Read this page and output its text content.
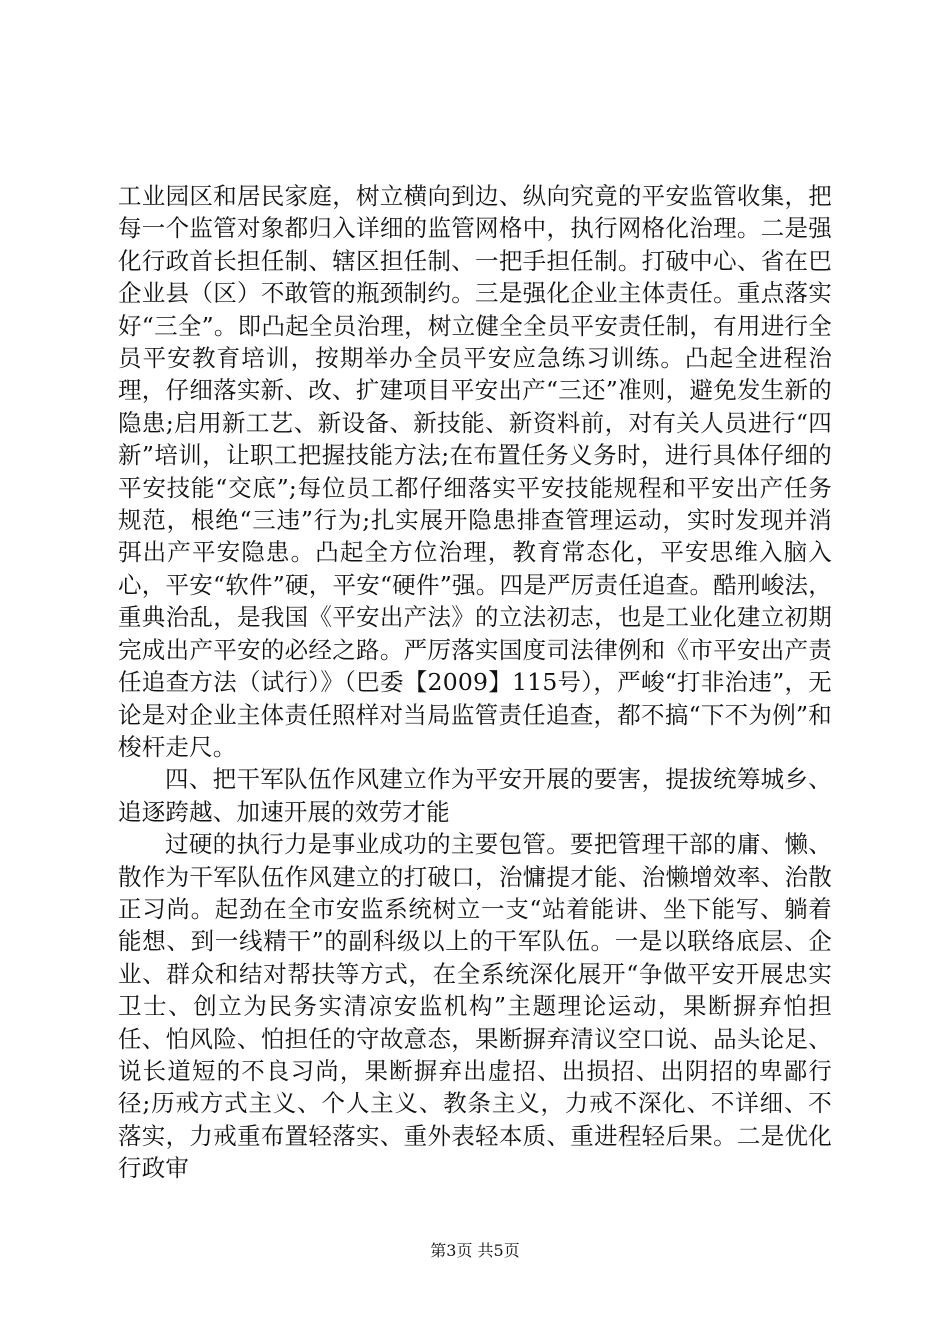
工业园区和居民家庭，树立横向到边、纵向究竟的平安监管收集，把每一个监管对象都归入详细的监管网格中，执行网格化治理。二是强化行政首长担任制、辖区担任制、一把手担任制。打破中心、省在巴企业县（区）不敢管的瓶颈制约。三是强化企业主体责任。重点落实好“三全”。即凸起全员治理，树立健全全员平安责任制，有用进行全员平安教育培训，按期举办全员平安应急练习训练。凸起全进程治理，仔细落实新、改、扩建项目平安出产“三还”准则，避免发生新的隐患;启用新工艺、新设备、新技能、新资料前，对有关人员进行“四新”培训，让职工把握技能方法;在布置任务义务时，进行具体仔细的平安技能“交底”;每位员工都仔细落实平安技能规程和平安出产任务规范，根绝“三违”行为;扎实展开隐患排查管理运动，实时发现并消弭出产平安隐患。凸起全方位治理，教育常态化，平安思维入脑入心，平安“软件”硬，平安“硬件”强。四是严厉责任追查。酷刑峻法，重典治乱，是我国《平安出产法》的立法初志，也是工业化建立初期完成出产平安的必经之路。严厉落实国度司法律例和《市平安出产责任追查方法（试行）》（巴委【2009】115号），严峻“打非治违”，无论是对企业主体责任照样对当局监管责任追查，都不搞“下不为例”和梭杆走尺。

四、把干军队伍作风建立作为平安开展的要害，提拔统筹城乡、追逐跨越、加速开展的效劳才能

过硬的执行力是事业成功的主要包管。要把管理干部的庸、懒、散作为干军队伍作风建立的打破口，治慵提才能、治懒增效率、治散正习尚。起劲在全市安监系统树立一支“站着能讲、坐下能写、躺着能想、到一线精干”的副科级以上的干军队伍。一是以联络底层、企业、群众和结对帮扶等方式，在全系统深化展开“争做平安开展忠实卫士、创立为民务实清凉安监机构”主题理论运动，果断摒弃怕担任、怕风险、怕担任的守故意态，果断摒弃清议空口说、品头论足、说长道短的不良习尚，果断摒弃出虚招、出损招、出阴招的卑鄙行径;历戒方式主义、个人主义、教条主义，力戒不深化、不详细、不落实，力戒重布置轻落实、重外表轻本质、重进程轻后果。二是优化行政审

第3页 共5页
